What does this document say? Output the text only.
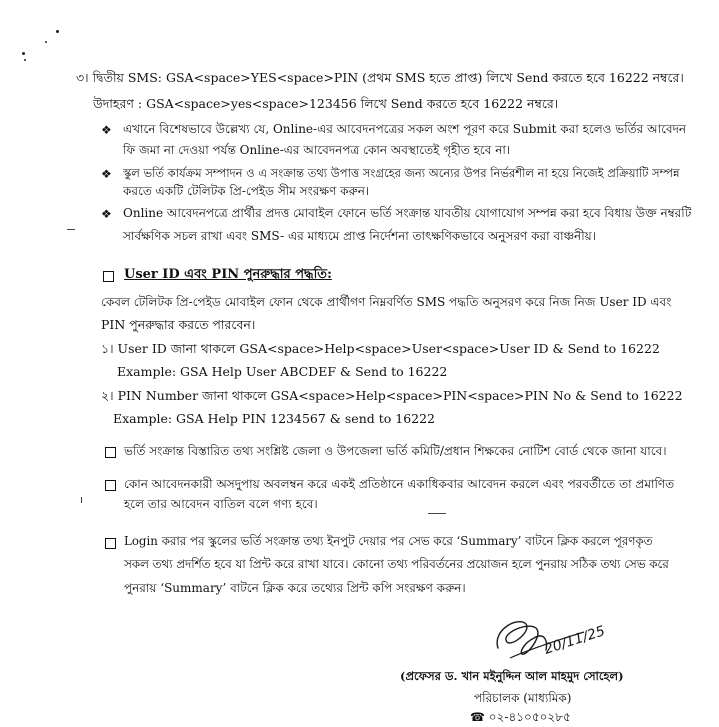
৩। দ্বিতীয় SMS: GSA<space>YES<space>PIN (প্রথম SMS হতে প্রাপ্ত) লিখে Send করতে হবে 16222 নম্বরে।
উদাহরণ : GSA<space>yes<space>123456 লিখে Send করতে হবে 16222 নম্বরে।
❖ এখানে বিশেষভাবে উল্লেখ্য যে, Online-এর আবেদনপত্রের সকল অংশ পূরণ করে Submit করা হলেও ভর্তির আবেদন
ফি জমা না দেওয়া পর্যন্ত Online-এর আবেদনপত্র কোন অবস্থাতেই গৃহীত হবে না।
❖ স্কুল ভর্তি কার্যক্রম সম্পাদন ও এ সংক্রান্ত তথ্য উপাত্ত সংগ্রহের জন্য অন্যের উপর নির্ভরশীল না হয়ে নিজেই প্রক্রিয়াটি সম্পন্ন
করতে একটি টেলিটক প্রি-পেইড সীম সংরক্ষণ করুন।
❖ Online আবেদনপত্রে প্রার্থীর প্রদত্ত মোবাইল ফোনে ভর্তি সংক্রান্ত যাবতীয় যোগাযোগ সম্পন্ন করা হবে বিধায় উক্ত নম্বরটি
সার্বক্ষণিক সচল রাখা এবং SMS- এর মাধ্যমে প্রাপ্ত নির্দেশনা তাৎক্ষণিকভাবে অনুসরণ করা বাঞ্চনীয়।
User ID এবং PIN পুনরুদ্ধার পদ্ধতি:
কেবল টেলিটক প্রি-পেইড মোবাইল ফোন থেকে প্রার্থীগণ নিম্নবর্ণিত SMS পদ্ধতি অনুসরণ করে নিজ নিজ User ID এবং
PIN পুনরুদ্ধার করতে পারবেন।
১। User ID জানা থাকলে GSA<space>Help<space>User<space>User ID & Send to 16222
Example: GSA Help User ABCDEF & Send to 16222
২। PIN Number জানা থাকলে GSA<space>Help<space>PIN<space>PIN No & Send to 16222
Example: GSA Help PIN 1234567 & send to 16222
ভর্তি সংক্রান্ত বিস্তারিত তথ্য সংশ্লিষ্ট জেলা ও উপজেলা ভর্তি কমিটি/প্রধান শিক্ষকের নোটিশ বোর্ড থেকে জানা যাবে।
কোন আবেদনকারী অসদুপায় অবলম্বন করে একই প্রতিষ্ঠানে একাধিকবার আবেদন করলে এবং পরবর্তীতে তা প্রমাণিত
হলে তার আবেদন বাতিল বলে গণ্য হবে।
Login করার পর স্কুলের ভর্তি সংক্রান্ত তথ্য ইনপুট দেয়ার পর সেভ করে ‘Summary’ বাটনে ক্লিক করলে পূরণকৃত
সকল তথ্য প্রদর্শিত হবে যা প্রিন্ট করে রাখা যাবে। কোনো তথ্য পরিবর্তনের প্রয়োজন হলে পুনরায় সঠিক তথ্য সেভ করে
পুনরায় ‘Summary’ বাটনে ক্লিক করে তথ্যের প্রিন্ট কপি সংরক্ষণ করুন।
20/11/25
(প্রফেসর ড. খান মইনুদ্দিন আল মাহমুদ সোহেল)
পরিচালক (মাধ্যমিক)
☎ ০২-৪১০৫০২৮৫
